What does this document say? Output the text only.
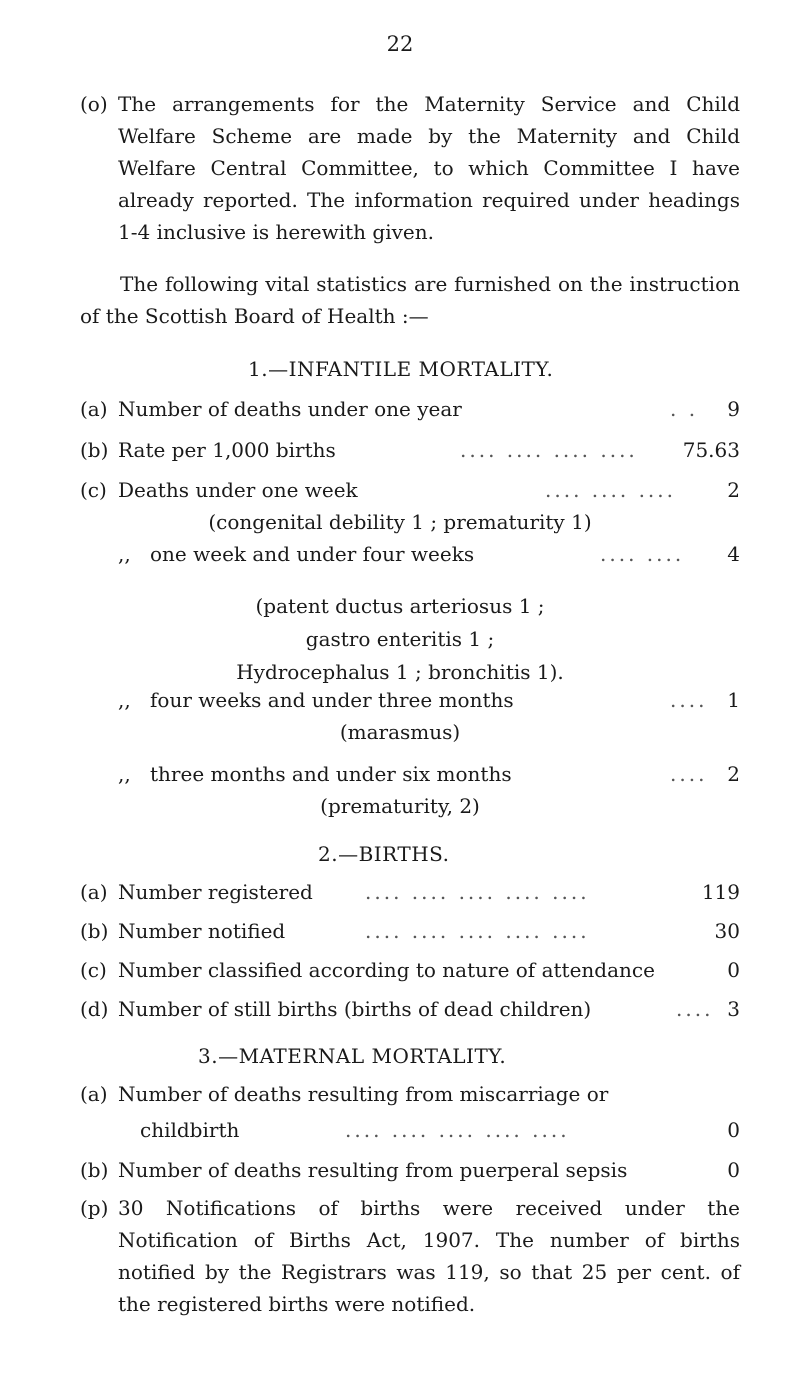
22
(o) The arrangements for the Maternity Service and Child Welfare Scheme are made by the Maternity and Child Welfare Central Committee, to which Committee I have already reported. The information required under headings 1-4 inclusive is herewith given.
The following vital statistics are furnished on the instruction of the Scottish Board of Health :—
1.—INFANTILE MORTALITY.
(a) Number of deaths under one year	. . 9
(b) Rate per 1,000 births	.... .... .... .... 75.63
(c) Deaths under one week	.... .... ....	2
(congenital debility 1 ; prematurity 1)
,, one week and under four weeks	.... .... 4
(patent ductus arteriosus 1 ;
gastro enteritis 1 ;
Hydrocephalus 1 ; bronchitis 1).
,, four weeks and under three months	.... 1
(marasmus)
,, three months and under six months	.... 2
(prematurity, 2)
2.—BIRTHS.
(a) Number registered	.... .... .... .... ....	119
(b) Number notified	.... .... .... .... ....	30
(c) Number classified according to nature of attendance	0
(d) Number of still births (births of dead children)	.... 3
3.—MATERNAL MORTALITY.
(a) Number of deaths resulting from miscarriage or
childbirth	.... .... .... .... ....	0
(b) Number of deaths resulting from puerperal sepsis	0
(p) 30 Notifications of births were received under the Notification of Births Act, 1907. The number of births notified by the Registrars was 119, so that 25 per cent. of the registered births were notified.
